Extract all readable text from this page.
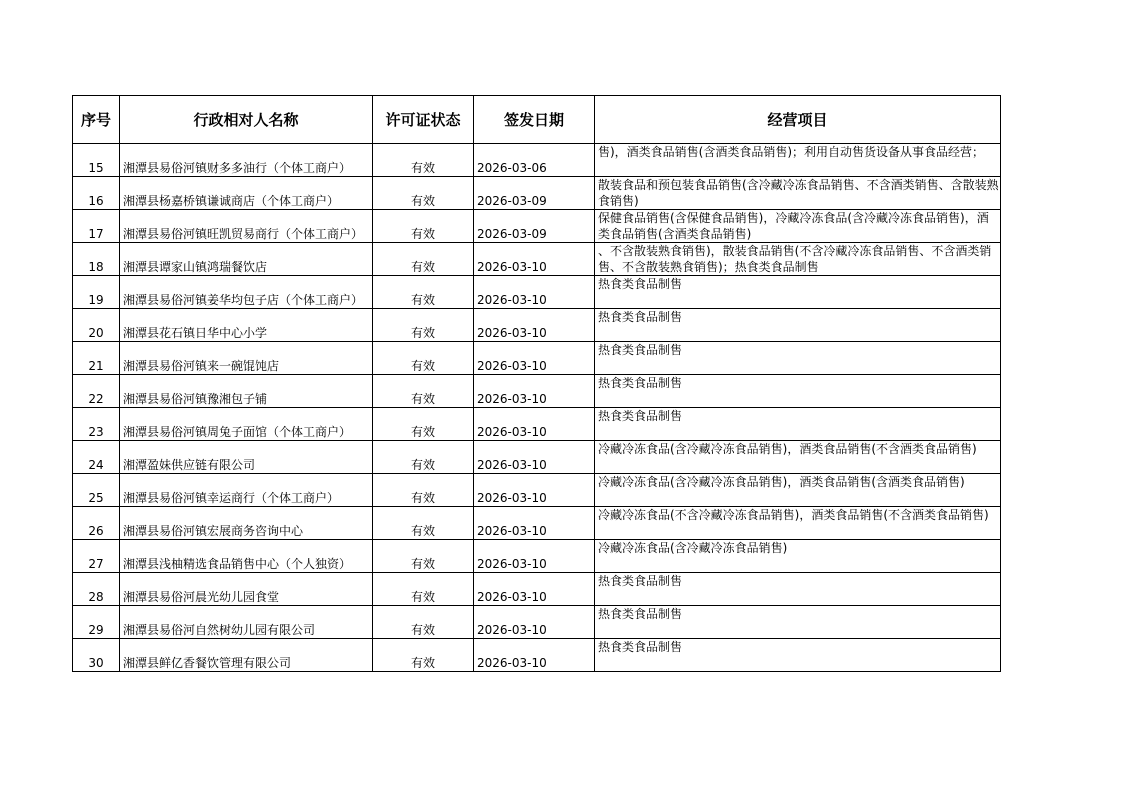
序号	行政相对人名称	许可证状态	签发日期	经营项目
15	湘潭县易俗河镇财多多油行（个体工商户）	有效	2026-03-06	售)，酒类食品销售(含酒类食品销售)；利用自动售货设备从事食品经营；

16	湘潭县杨嘉桥镇谦诚商店（个体工商户）	有效	2026-03-09	散装食品和预包装食品销售(含冷藏冷冻食品销售、不含酒类销售、含散装熟食销售)

17	湘潭县易俗河镇旺凯贸易商行（个体工商户）	有效	2026-03-09	保健食品销售(含保健食品销售)，冷藏冷冻食品(含冷藏冷冻食品销售)，酒类食品销售(含酒类食品销售)

18	湘潭县谭家山镇鸿瑞餐饮店	有效	2026-03-10	、不含散装熟食销售)，散装食品销售(不含冷藏冷冻食品销售、不含酒类销售、不含散装熟食销售)；热食类食品制售

19	湘潭县易俗河镇姜华均包子店（个体工商户）	有效	2026-03-10	热食类食品制售

20	湘潭县花石镇日华中心小学	有效	2026-03-10	热食类食品制售

21	湘潭县易俗河镇来一碗馄饨店	有效	2026-03-10	热食类食品制售

22	湘潭县易俗河镇豫湘包子铺	有效	2026-03-10	热食类食品制售

23	湘潭县易俗河镇周兔子面馆（个体工商户）	有效	2026-03-10	热食类食品制售

24	湘潭盈妹供应链有限公司	有效	2026-03-10	冷藏冷冻食品(含冷藏冷冻食品销售)，酒类食品销售(不含酒类食品销售)

25	湘潭县易俗河镇幸运商行（个体工商户）	有效	2026-03-10	冷藏冷冻食品(含冷藏冷冻食品销售)，酒类食品销售(含酒类食品销售)

26	湘潭县易俗河镇宏展商务咨询中心	有效	2026-03-10	冷藏冷冻食品(不含冷藏冷冻食品销售)，酒类食品销售(不含酒类食品销售)

27	湘潭县浅柚精选食品销售中心（个人独资）	有效	2026-03-10	冷藏冷冻食品(含冷藏冷冻食品销售)

28	湘潭县易俗河晨光幼儿园食堂	有效	2026-03-10	热食类食品制售

29	湘潭县易俗河自然树幼儿园有限公司	有效	2026-03-10	热食类食品制售

30	湘潭县鲜亿香餐饮管理有限公司	有效	2026-03-10	热食类食品制售
